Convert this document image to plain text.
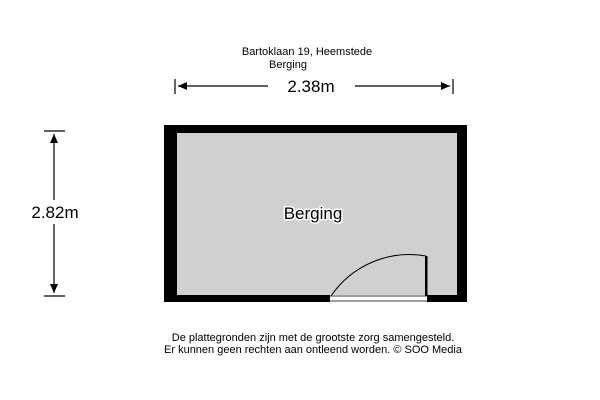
Bartoklaan 19, Heemstede
Berging
2.38m
2.82m	Berging
De plattegronden zijn met de grootste zorg samengesteld.
Er kunnen geen rechten aan ontleend worden. © SOO Media
